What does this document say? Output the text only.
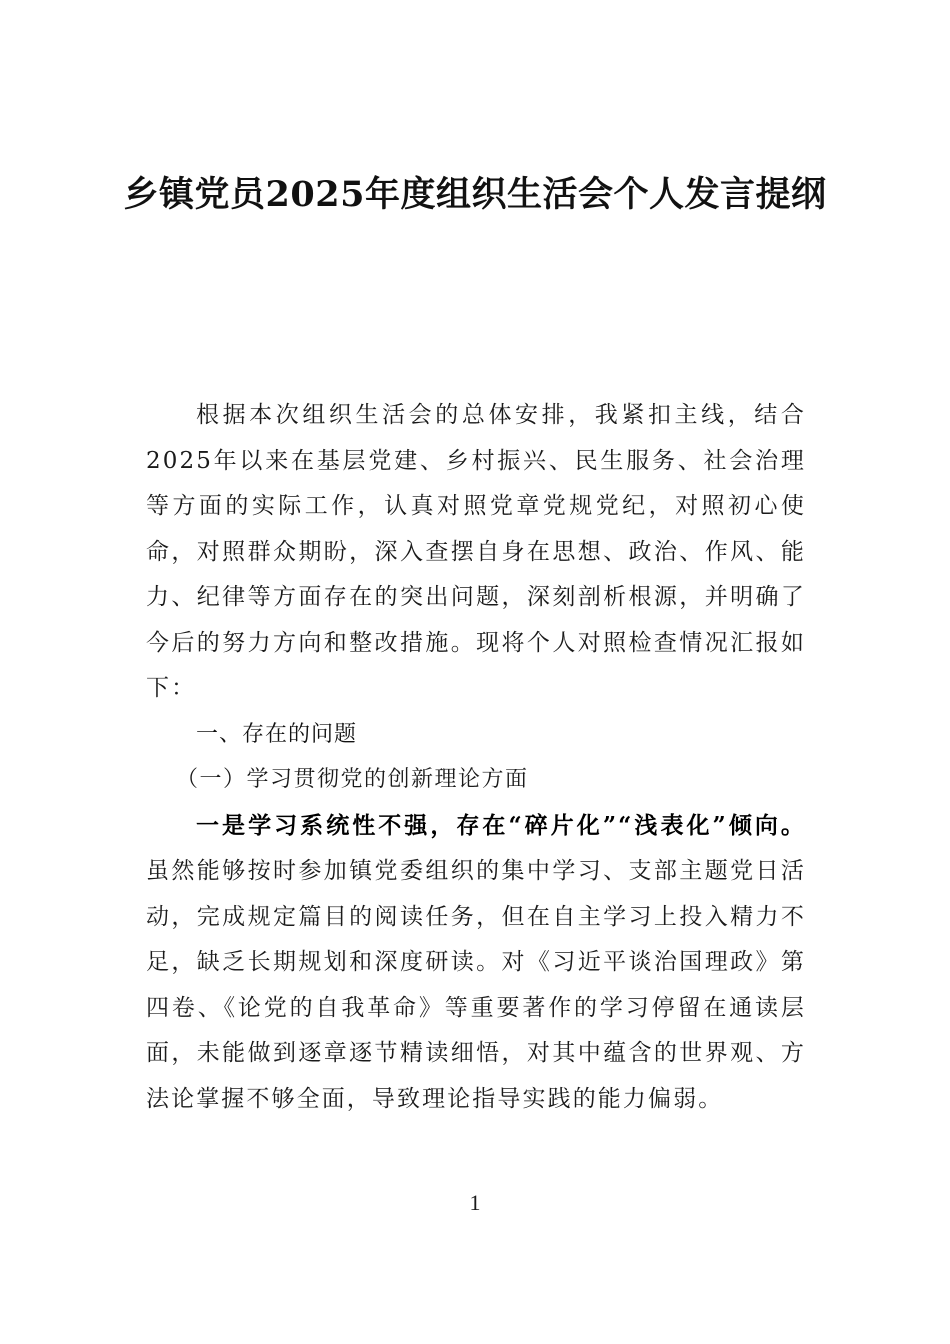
乡镇党员2025年度组织生活会个人发言提纲

根据本次组织生活会的总体安排，我紧扣主线，结合2025年以来在基层党建、乡村振兴、民生服务、社会治理等方面的实际工作，认真对照党章党规党纪，对照初心使命，对照群众期盼，深入查摆自身在思想、政治、作风、能力、纪律等方面存在的突出问题，深刻剖析根源，并明确了今后的努力方向和整改措施。现将个人对照检查情况汇报如下：

一、存在的问题

（一）学习贯彻党的创新理论方面

一是学习系统性不强，存在“碎片化”“浅表化”倾向。虽然能够按时参加镇党委组织的集中学习、支部主题党日活动，完成规定篇目的阅读任务，但在自主学习上投入精力不足，缺乏长期规划和深度研读。对《习近平谈治国理政》第四卷、《论党的自我革命》等重要著作的学习停留在通读层面，未能做到逐章逐节精读细悟，对其中蕴含的世界观、方法论掌握不够全面，导致理论指导实践的能力偏弱。

1
